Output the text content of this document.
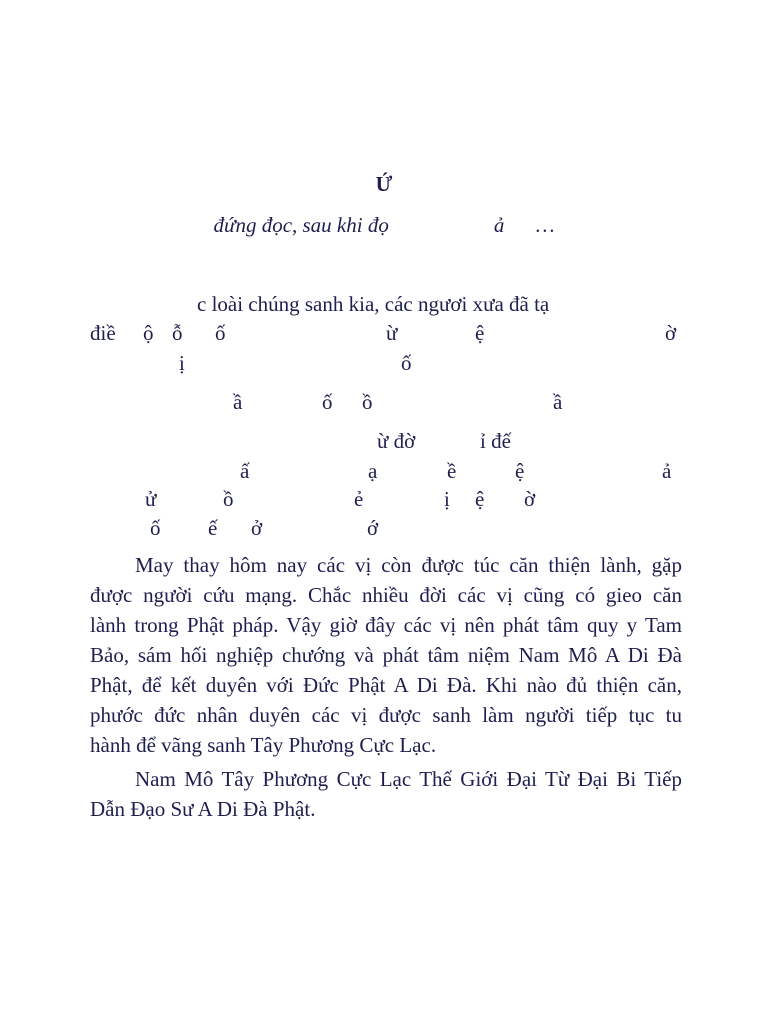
Ứ
đứng đọc, sau khi đọ                    ả      …
c loài chúng sanh kia, các ngươi xưa đã tạ
điề ộ ỗ ố	ừ	ệ	ờ
ị	ố
ầ	ố ồ	ầ
ừ đờ	ỉ đế
ấ	ạ	ề	ệ	ả
ử	ồ	ẻ	ị ệ ờ
ố ế ở	ớ
May thay hôm nay các vị còn được túc căn thiện lành, gặp
được người cứu mạng. Chắc nhiều đời các vị cũng có gieo căn
lành trong Phật pháp. Vậy giờ đây các vị nên phát tâm quy y Tam
Bảo, sám hối nghiệp chướng và phát tâm niệm Nam Mô A Di Đà
Phật, để kết duyên với Đức Phật A Di Đà. Khi nào đủ thiện căn,
phước đức nhân duyên các vị được sanh làm người tiếp tục tu
hành để vãng sanh Tây Phương Cực Lạc.
Nam Mô Tây Phương Cực Lạc Thế Giới Đại Từ Đại Bi Tiếp
Dẫn Đạo Sư A Di Đà Phật.
